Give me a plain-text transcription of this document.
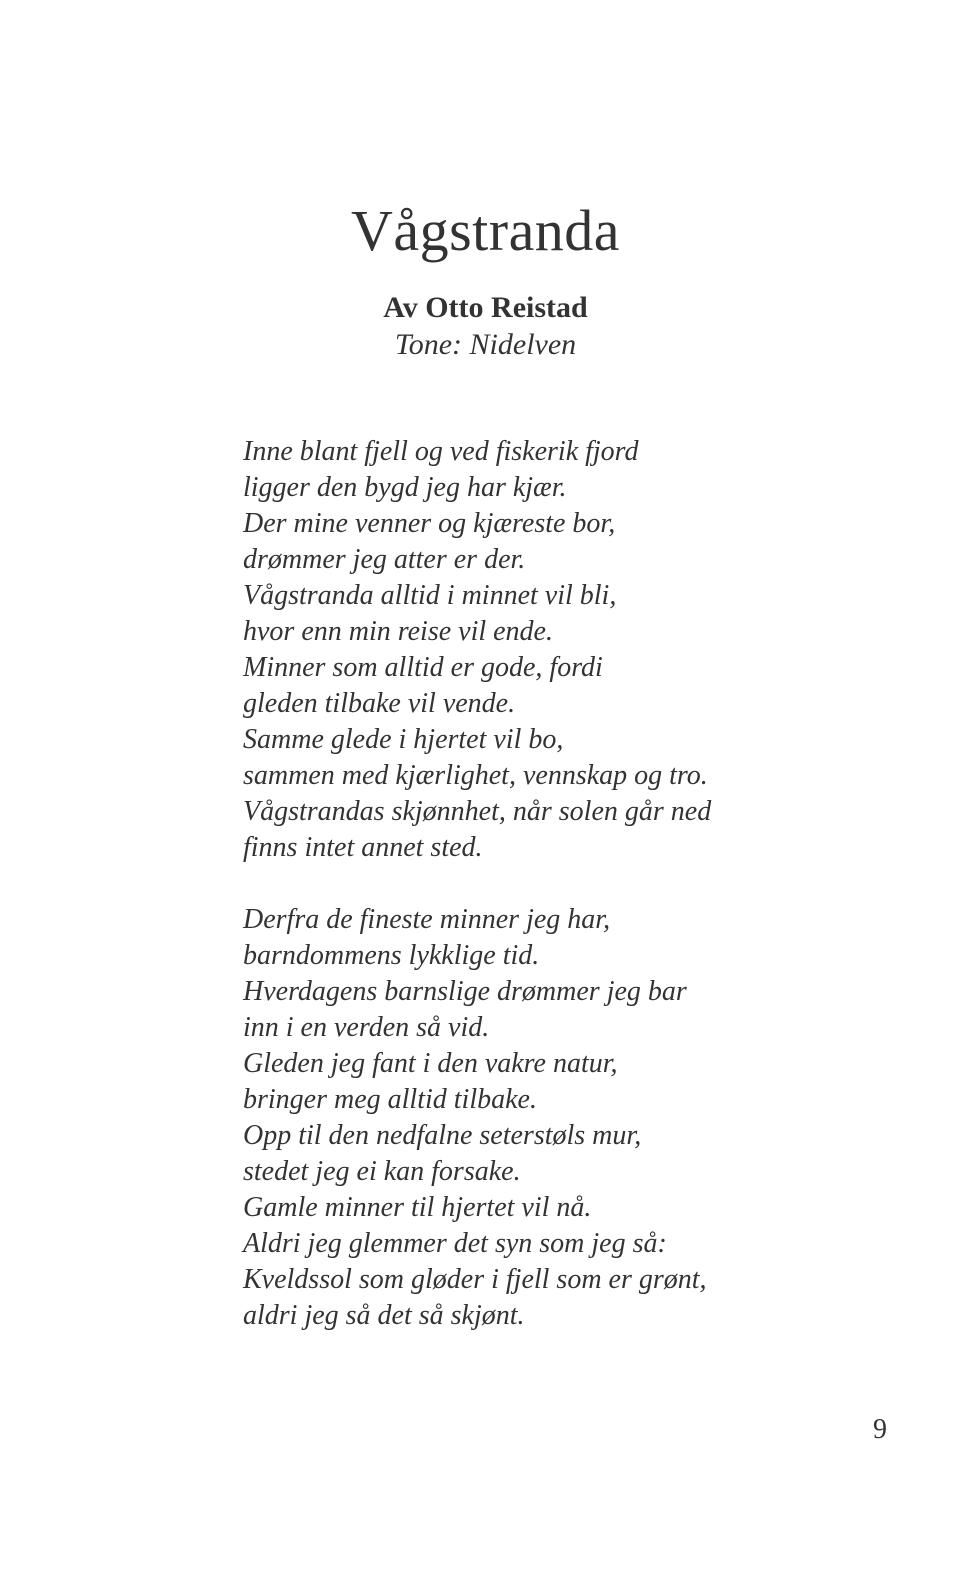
Vågstranda
Av Otto Reistad
Tone: Nidelven
Inne blant fjell og ved fiskerik fjord
ligger den bygd jeg har kjær.
Der mine venner og kjæreste bor,
drømmer jeg atter er der.
Vågstranda alltid i minnet vil bli,
hvor enn min reise vil ende.
Minner som alltid er gode, fordi
gleden tilbake vil vende.
Samme glede i hjertet vil bo,
sammen med kjærlighet, vennskap og tro.
Vågstrandas skjønnhet, når solen går ned
finns intet annet sted.
Derfra de fineste minner jeg har,
barndommens lykklige tid.
Hverdagens barnslige drømmer jeg bar
inn i en verden så vid.
Gleden jeg fant i den vakre natur,
bringer meg alltid tilbake.
Opp til den nedfalne seterstøls mur,
stedet jeg ei kan forsake.
Gamle minner til hjertet vil nå.
Aldri jeg glemmer det syn som jeg så:
Kveldssol som gløder i fjell som er grønt,
aldri jeg så det så skjønt.
9
